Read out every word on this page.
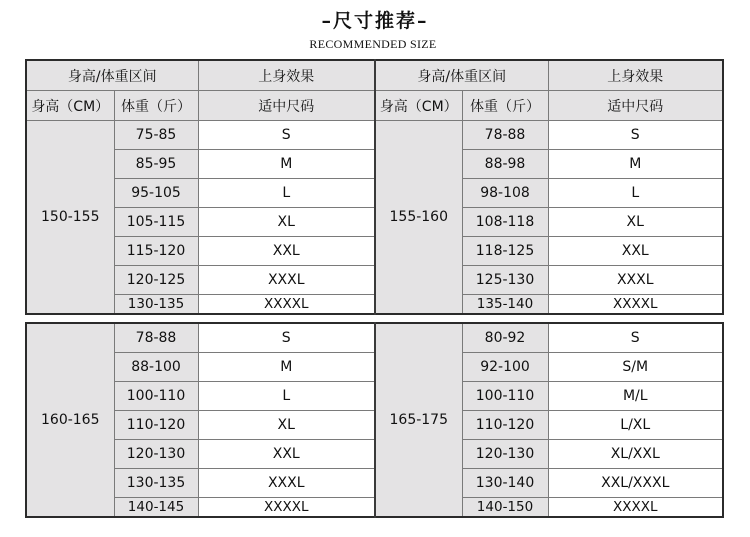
–尺寸推荐–
RECOMMENDED SIZE
身高/体重区间		上身效果	身高/体重区间		上身效果
身高（CM）	体重（斤）	适中尺码	身高（CM）	体重（斤）	适中尺码
150-155	75-85	S	155-160	78-88	S
	85-95	M		88-98	M
	95-105	L		98-108	L
	105-115	XL		108-118	XL
	115-120	XXL		118-125	XXL
	120-125	XXXL		125-130	XXXL
	130-135	XXXXL		135-140	XXXXL
160-165	78-88	S	165-175	80-92	S
	88-100	M		92-100	S/M
	100-110	L		100-110	M/L
	110-120	XL		110-120	L/XL
	120-130	XXL		120-130	XL/XXL
	130-135	XXXL		130-140	XXL/XXXL
	140-145	XXXXL		140-150	XXXXL
